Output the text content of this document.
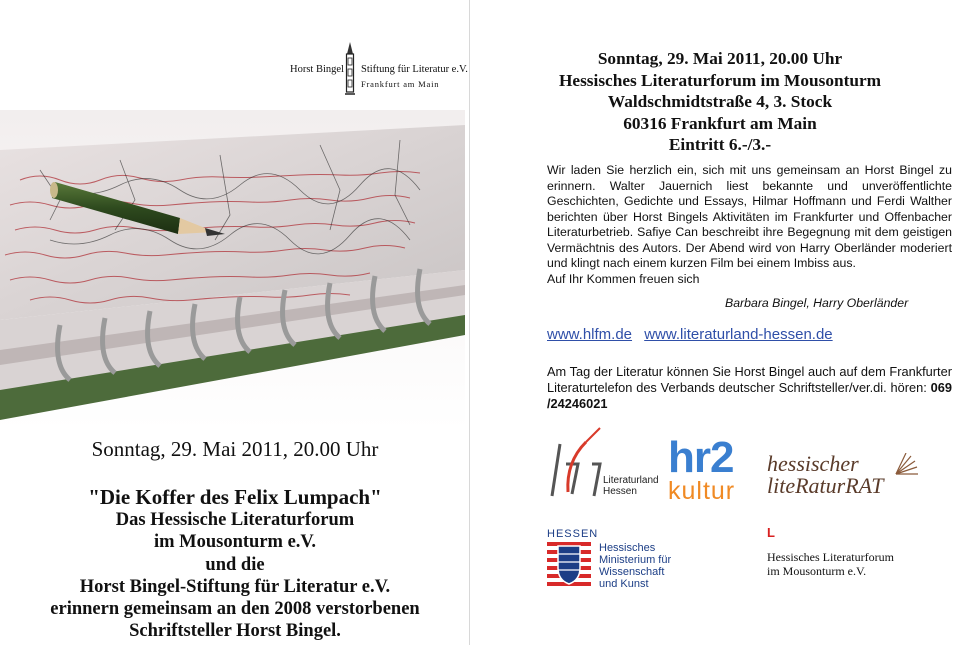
Horst Bingel Stiftung für Literatur e.V.
Frankfurt am Main
Sonntag, 29. Mai 2011, 20.00 Uhr
"Die Koffer des Felix Lumpach"
Das Hessische Literaturforum
im Mousonturm e.V.
und die
Horst Bingel-Stiftung für Literatur e.V.
erinnern gemeinsam an den 2008 verstorbenen
Schriftsteller Horst Bingel.
Sonntag, 29. Mai 2011, 20.00 Uhr
Hessisches Literaturforum im Mousonturm
Waldschmidtstraße 4, 3. Stock
60316 Frankfurt am Main
Eintritt 6.-/3.-
Wir laden Sie herzlich ein, sich mit uns gemeinsam an Horst Bingel zu erinnern. Walter Jauernich liest bekannte und unveröffentlichte Geschichten, Gedichte und Essays, Hilmar Hoffmann und Ferdi Walther berichten über Horst Bingels Aktivitäten im Frankfurter und Offenbacher Literaturbetrieb. Safiye Can beschreibt ihre Begegnung mit dem geistigen Vermächtnis des Autors. Der Abend wird von Harry Oberländer moderiert und klingt nach einem kurzen Film bei einem Imbiss aus.
Auf Ihr Kommen freuen sich
Barbara Bingel, Harry Oberländer
www.hlfm.de www.literaturland-hessen.de
Am Tag der Literatur können Sie Horst Bingel auch auf dem Frankfurter Literaturtelefon des Verbands deutscher Schriftsteller/ver.di. hören: 069 /24246021
Literaturland
Hessen
hr2
kultur
hessischer
liteRaturRAT
HESSEN
Hessisches
Ministerium für
Wissenschaft
und Kunst
L
Hessisches Literaturforum
im Mousonturm e.V.
